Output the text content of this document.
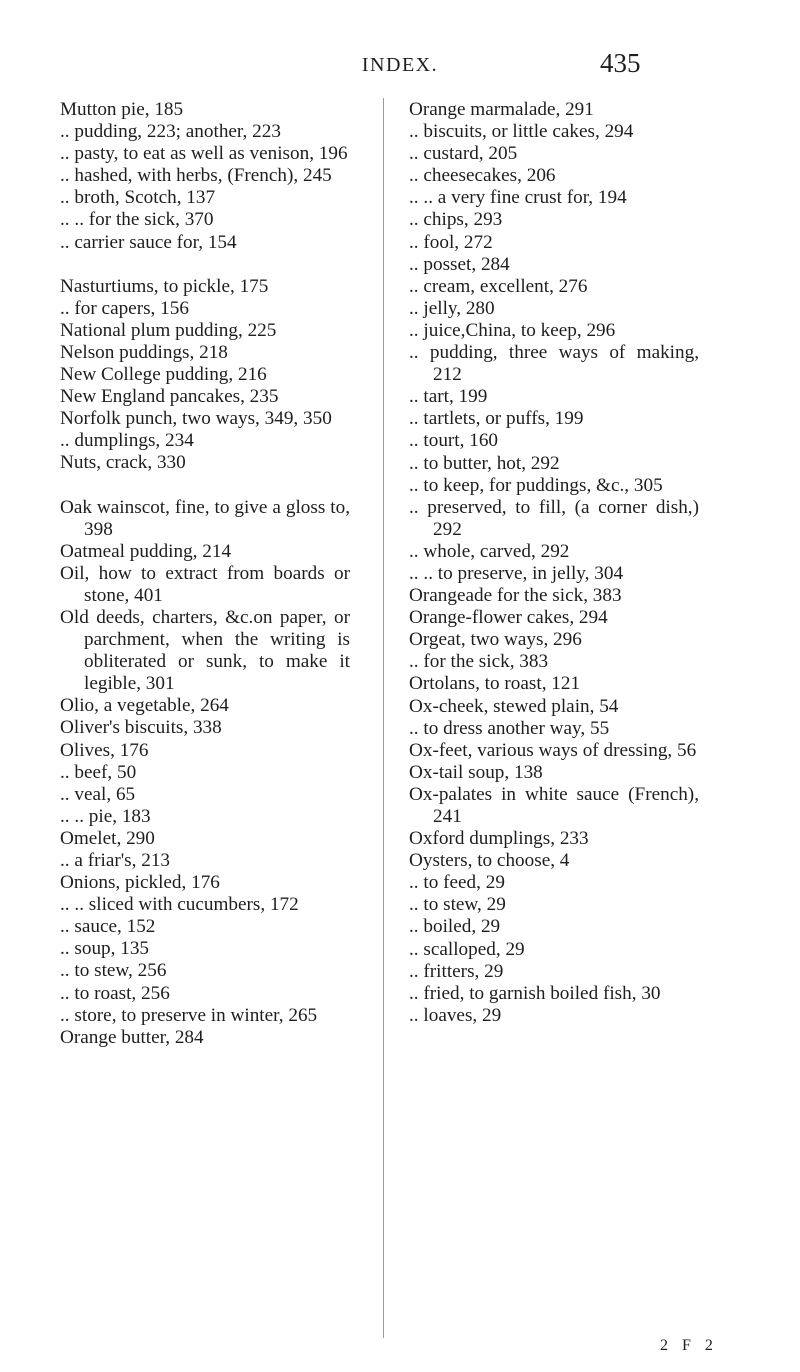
INDEX.	435
Mutton pie, 185
.. pudding, 223; another, 223
.. pasty, to eat as well as venison, 196
.. hashed, with herbs, (French), 245
.. broth, Scotch, 137
.. .. for the sick, 370
.. carrier sauce for, 154
Nasturtiums, to pickle, 175
.. for capers, 156
National plum pudding, 225
Nelson puddings, 218
New College pudding, 216
New England pancakes, 235
Norfolk punch, two ways, 349, 350
.. dumplings, 234
Nuts, crack, 330
Oak wainscot, fine, to give a gloss to, 398
Oatmeal pudding, 214
Oil, how to extract from boards or stone, 401
Old deeds, charters, &c.on paper, or parchment, when the writing is obliterated or sunk, to make it legible, 301
Olio, a vegetable, 264
Oliver's biscuits, 338
Olives, 176
.. beef, 50
.. veal, 65
.. .. pie, 183
Omelet, 290
.. a friar's, 213
Onions, pickled, 176
.. .. sliced with cucumbers, 172
.. sauce, 152
.. soup, 135
.. to stew, 256
.. to roast, 256
.. store, to preserve in winter, 265
Orange butter, 284
Orange marmalade, 291
.. biscuits, or little cakes, 294
.. custard, 205
.. cheesecakes, 206
.. .. a very fine crust for, 194
.. chips, 293
.. fool, 272
.. posset, 284
.. cream, excellent, 276
.. jelly, 280
.. juice,China, to keep, 296
.. pudding, three ways of making, 212
.. tart, 199
.. tartlets, or puffs, 199
.. tourt, 160
.. to butter, hot, 292
.. to keep, for puddings, &c., 305
.. preserved, to fill, (a corner dish,) 292
.. whole, carved, 292
.. .. to preserve, in jelly, 304
Orangeade for the sick, 383
Orange-flower cakes, 294
Orgeat, two ways, 296
.. for the sick, 383
Ortolans, to roast, 121
Ox-cheek, stewed plain, 54
.. to dress another way, 55
Ox-feet, various ways of dressing, 56
Ox-tail soup, 138
Ox-palates in white sauce (French), 241
Oxford dumplings, 233
Oysters, to choose, 4
.. to feed, 29
.. to stew, 29
.. boiled, 29
.. scalloped, 29
.. fritters, 29
.. fried, to garnish boiled fish, 30
.. loaves, 29
2 F 2
